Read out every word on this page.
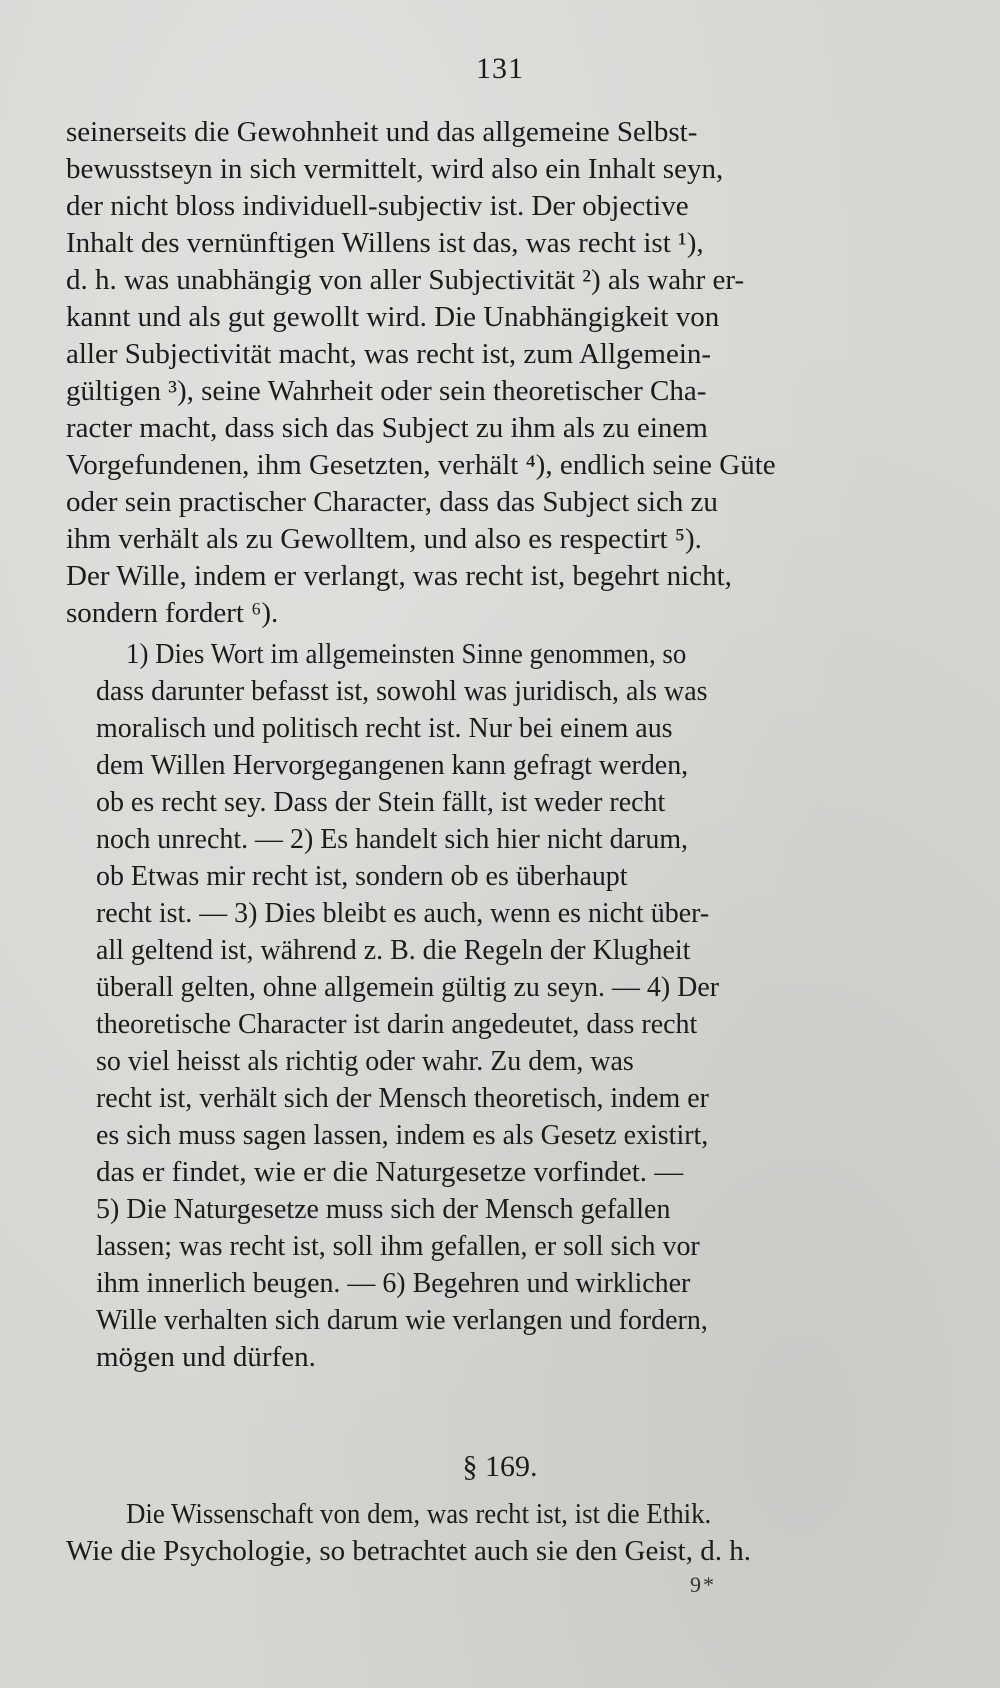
131
seinerseits die Gewohnheit und das allgemeine Selbst-
bewusstseyn in sich vermittelt, wird also ein Inhalt seyn,
der nicht bloss individuell-subjectiv ist. Der objective
Inhalt des vernünftigen Willens ist das, was recht ist ¹),
d. h. was unabhängig von aller Subjectivität ²) als wahr er-
kannt und als gut gewollt wird. Die Unabhängigkeit von
aller Subjectivität macht, was recht ist, zum Allgemein-
gültigen ³), seine Wahrheit oder sein theoretischer Cha-
racter macht, dass sich das Subject zu ihm als zu einem
Vorgefundenen, ihm Gesetzten, verhält ⁴), endlich seine Güte
oder sein practischer Character, dass das Subject sich zu
ihm verhält als zu Gewolltem, und also es respectirt ⁵).
Der Wille, indem er verlangt, was recht ist, begehrt nicht,
sondern fordert ⁶).
1) Dies Wort im allgemeinsten Sinne genommen, so
dass darunter befasst ist, sowohl was juridisch, als was
moralisch und politisch recht ist. Nur bei einem aus
dem Willen Hervorgegangenen kann gefragt werden,
ob es recht sey. Dass der Stein fällt, ist weder recht
noch unrecht. — 2) Es handelt sich hier nicht darum,
ob Etwas mir recht ist, sondern ob es überhaupt
recht ist. — 3) Dies bleibt es auch, wenn es nicht über-
all geltend ist, während z. B. die Regeln der Klugheit
überall gelten, ohne allgemein gültig zu seyn. — 4) Der
theoretische Character ist darin angedeutet, dass recht
so viel heisst als richtig oder wahr. Zu dem, was
recht ist, verhält sich der Mensch theoretisch, indem er
es sich muss sagen lassen, indem es als Gesetz existirt,
das er findet, wie er die Naturgesetze vorfindet. —
5) Die Naturgesetze muss sich der Mensch gefallen
lassen; was recht ist, soll ihm gefallen, er soll sich vor
ihm innerlich beugen. — 6) Begehren und wirklicher
Wille verhalten sich darum wie verlangen und fordern,
mögen und dürfen.
§ 169.
Die Wissenschaft von dem, was recht ist, ist die Ethik.
Wie die Psychologie, so betrachtet auch sie den Geist, d. h.
9*
